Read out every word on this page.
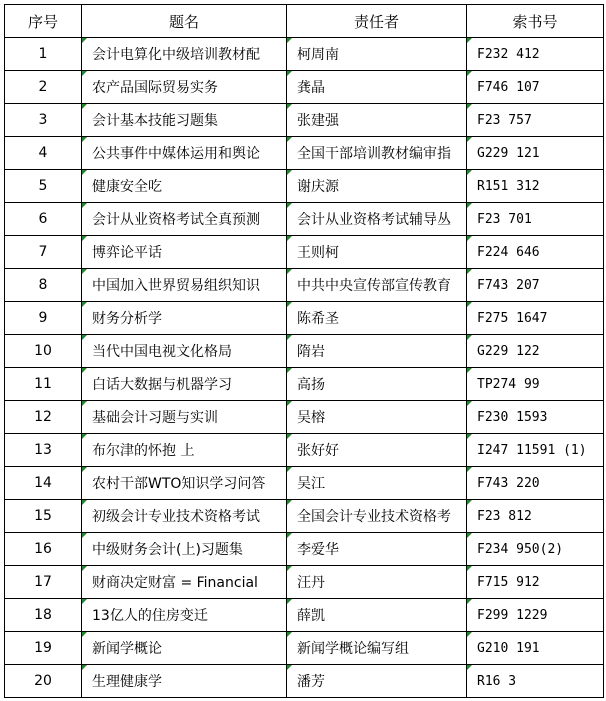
序号	题名	责任者	索书号
1	会计电算化中级培训教材配	柯周南	F232 412
2	农产品国际贸易实务	龚晶	F746 107
3	会计基本技能习题集	张建强	F23 757
4	公共事件中媒体运用和舆论	全国干部培训教材编审指	G229 121
5	健康安全吃	谢庆源	R151 312
6	会计从业资格考试全真预测	会计从业资格考试辅导丛	F23 701
7	博弈论平话	王则柯	F224 646
8	中国加入世界贸易组织知识	中共中央宣传部宣传教育	F743 207
9	财务分析学	陈希圣	F275 1647
10	当代中国电视文化格局	隋岩	G229 122
11	白话大数据与机器学习	高扬	TP274 99
12	基础会计习题与实训	吴榕	F230 1593
13	布尔津的怀抱 上	张好好	I247 11591 (1)
14	农村干部WTO知识学习问答	吴江	F743 220
15	初级会计专业技术资格考试	全国会计专业技术资格考	F23 812
16	中级财务会计(上)习题集	李爱华	F234 950(2)
17	财商决定财富 = Financial	汪丹	F715 912
18	13亿人的住房变迁	薛凯	F299 1229
19	新闻学概论	新闻学概论编写组	G210 191
20	生理健康学	潘芳	R16 3
